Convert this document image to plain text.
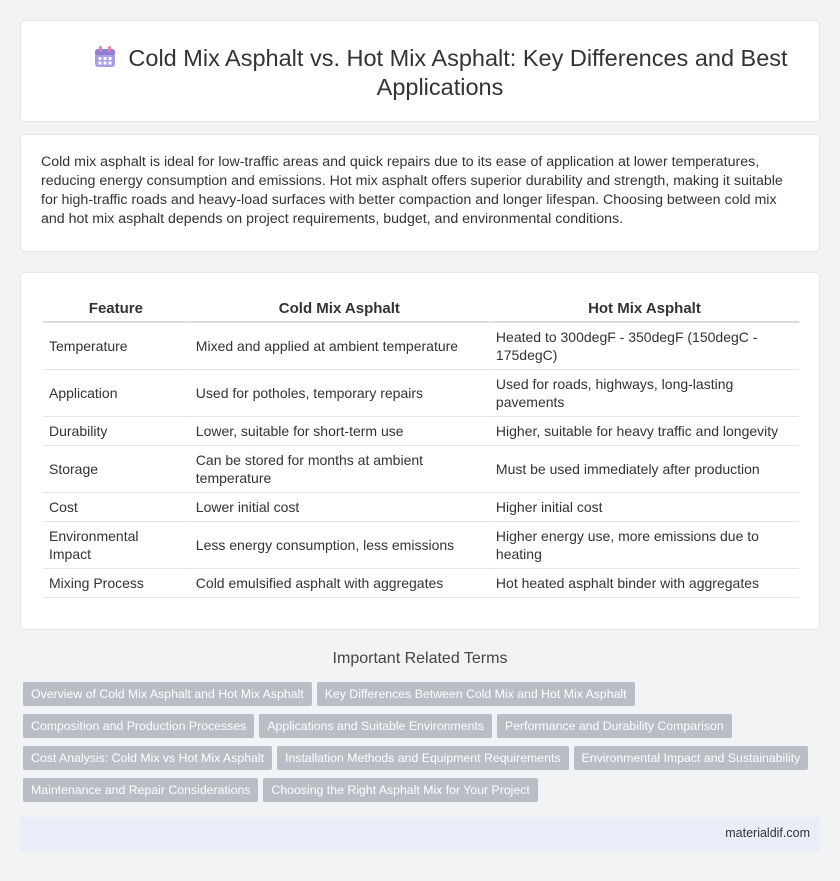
Cold Mix Asphalt vs. Hot Mix Asphalt: Key Differences and Best Applications

Cold mix asphalt is ideal for low-traffic areas and quick repairs due to its ease of application at lower temperatures, reducing energy consumption and emissions. Hot mix asphalt offers superior durability and strength, making it suitable for high-traffic roads and heavy-load surfaces with better compaction and longer lifespan. Choosing between cold mix and hot mix asphalt depends on project requirements, budget, and environmental conditions.

Feature	Cold Mix Asphalt	Hot Mix Asphalt
Temperature	Mixed and applied at ambient temperature	Heated to 300degF - 350degF (150degC - 175degC)
Application	Used for potholes, temporary repairs	Used for roads, highways, long-lasting pavements
Durability	Lower, suitable for short-term use	Higher, suitable for heavy traffic and longevity
Storage	Can be stored for months at ambient temperature	Must be used immediately after production
Cost	Lower initial cost	Higher initial cost
Environmental Impact	Less energy consumption, less emissions	Higher energy use, more emissions due to heating
Mixing Process	Cold emulsified asphalt with aggregates	Hot heated asphalt binder with aggregates
Important Related Terms
Overview of Cold Mix Asphalt and Hot Mix Asphalt Key Differences Between Cold Mix and Hot Mix Asphalt
Composition and Production Processes Applications and Suitable Environments Performance and Durability Comparison
Cost Analysis: Cold Mix vs Hot Mix Asphalt Installation Methods and Equipment Requirements Environmental Impact and Sustainability
Maintenance and Repair Considerations Choosing the Right Asphalt Mix for Your Project
materialdif.com
